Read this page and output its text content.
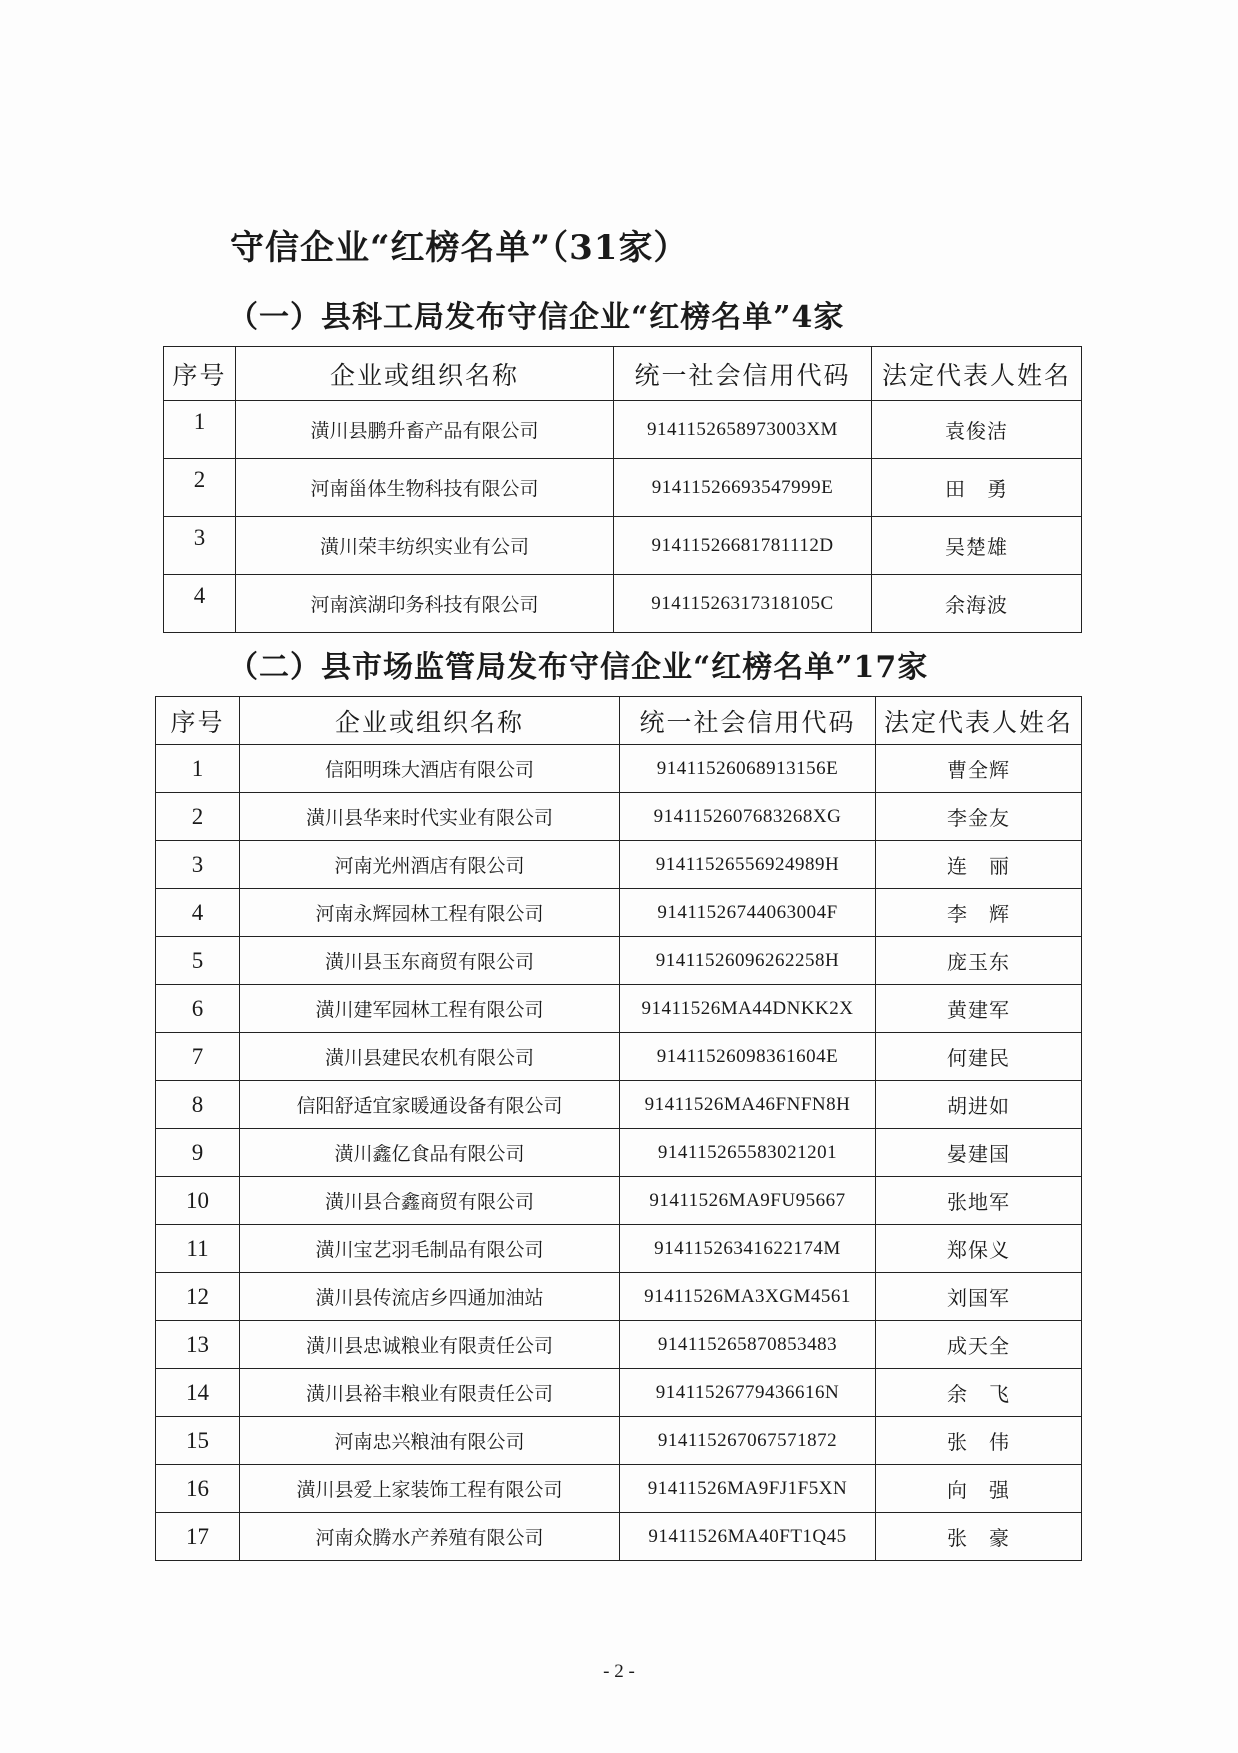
守信企业“红榜名单”（31家）
（一）县科工局发布守信企业“红榜名单”4家
序号	企业或组织名称	统一社会信用代码	法定代表人姓名
1	潢川县鹏升畜产品有限公司	9141152658973003XM	袁俊洁
2	河南甾体生物科技有限公司	91411526693547999E	田　勇
3	潢川荣丰纺织实业有公司	91411526681781112D	吴楚雄
4	河南滨湖印务科技有限公司	91411526317318105C	余海波
（二）县市场监管局发布守信企业“红榜名单”17家
序号	企业或组织名称	统一社会信用代码	法定代表人姓名
1	信阳明珠大酒店有限公司	91411526068913156E	曹全辉
2	潢川县华来时代实业有限公司	9141152607683268XG	李金友
3	河南光州酒店有限公司	91411526556924989H	连　丽
4	河南永辉园林工程有限公司	91411526744063004F	李　辉
5	潢川县玉东商贸有限公司	91411526096262258H	庞玉东
6	潢川建军园林工程有限公司	91411526MA44DNKK2X	黄建军
7	潢川县建民农机有限公司	91411526098361604E	何建民
8	信阳舒适宜家暖通设备有限公司	91411526MA46FNFN8H	胡进如
9	潢川鑫亿食品有限公司	914115265583021201	晏建国
10	潢川县合鑫商贸有限公司	91411526MA9FU95667	张地军
11	潢川宝艺羽毛制品有限公司	91411526341622174M	郑保义
12	潢川县传流店乡四通加油站	91411526MA3XGM4561	刘国军
13	潢川县忠诚粮业有限责任公司	914115265870853483	成天全
14	潢川县裕丰粮业有限责任公司	91411526779436616N	余　飞
15	河南忠兴粮油有限公司	914115267067571872	张　伟
16	潢川县爱上家装饰工程有限公司	91411526MA9FJ1F5XN	向　强
17	河南众腾水产养殖有限公司	91411526MA40FT1Q45	张　豪
- 2 -
